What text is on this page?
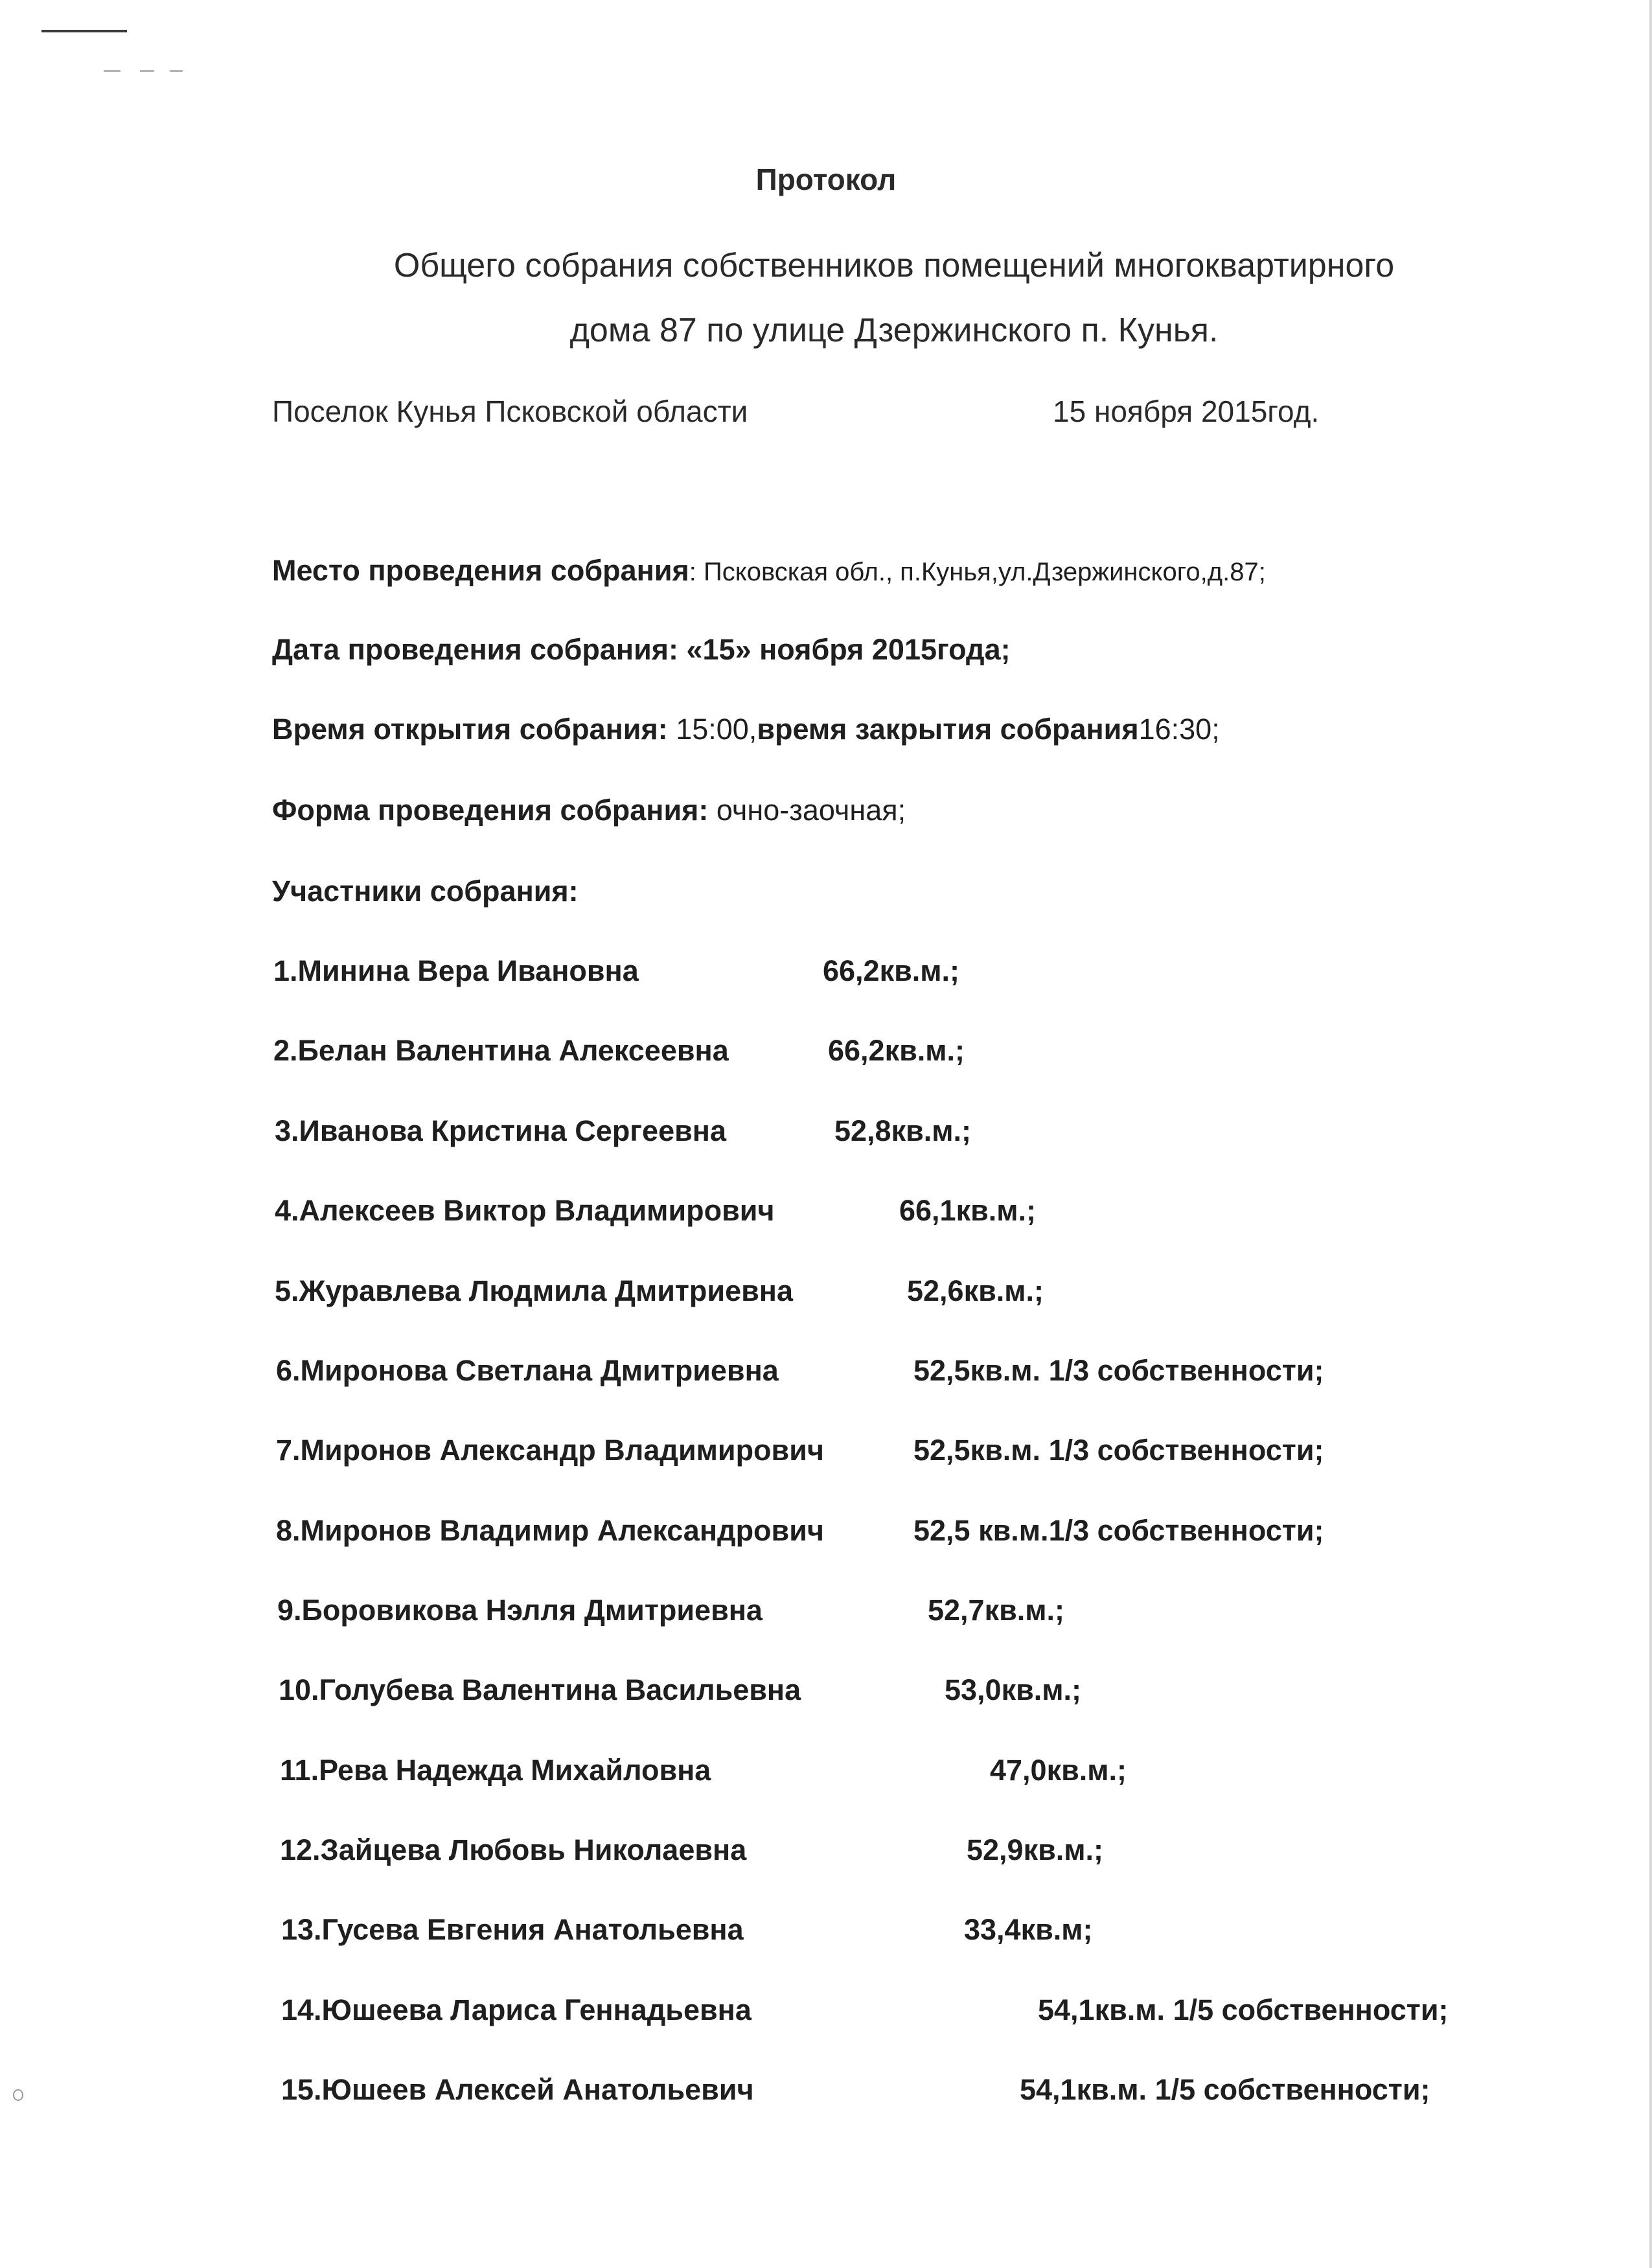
Протокол
Общего собрания собственников помещений многоквартирного
дома 87 по улице Дзержинского п. Кунья.
Поселок Кунья Псковской области	15 ноября 2015год.
Место проведения собрания: Псковская обл., п.Кунья,ул.Дзержинского,д.87;
Дата проведения собрания: «15» ноября 2015года;
Время открытия собрания: 15:00,время закрытия собрания16:30;
Форма проведения собрания: очно-заочная;
Участники собрания:
1.Минина Вера Ивановна	66,2кв.м.;
2.Белан Валентина Алексеевна	66,2кв.м.;
3.Иванова Кристина Сергеевна	52,8кв.м.;
4.Алексеев Виктор Владимирович	66,1кв.м.;
5.Журавлева Людмила Дмитриевна	52,6кв.м.;
6.Миронова Светлана Дмитриевна	52,5кв.м. 1/3 собственности;
7.Миронов Александр Владимирович	52,5кв.м. 1/3 собственности;
8.Миронов Владимир Александрович	52,5 кв.м.1/3 собственности;
9.Боровикова Нэлля Дмитриевна	52,7кв.м.;
10.Голубева Валентина Васильевна	53,0кв.м.;
11.Рева Надежда Михайловна	47,0кв.м.;
12.Зайцева Любовь Николаевна	52,9кв.м.;
13.Гусева Евгения Анатольевна	33,4кв.м;
14.Юшеева Лариса Геннадьевна	54,1кв.м. 1/5 собственности;
15.Юшеев Алексей Анатольевич	54,1кв.м. 1/5 собственности;
